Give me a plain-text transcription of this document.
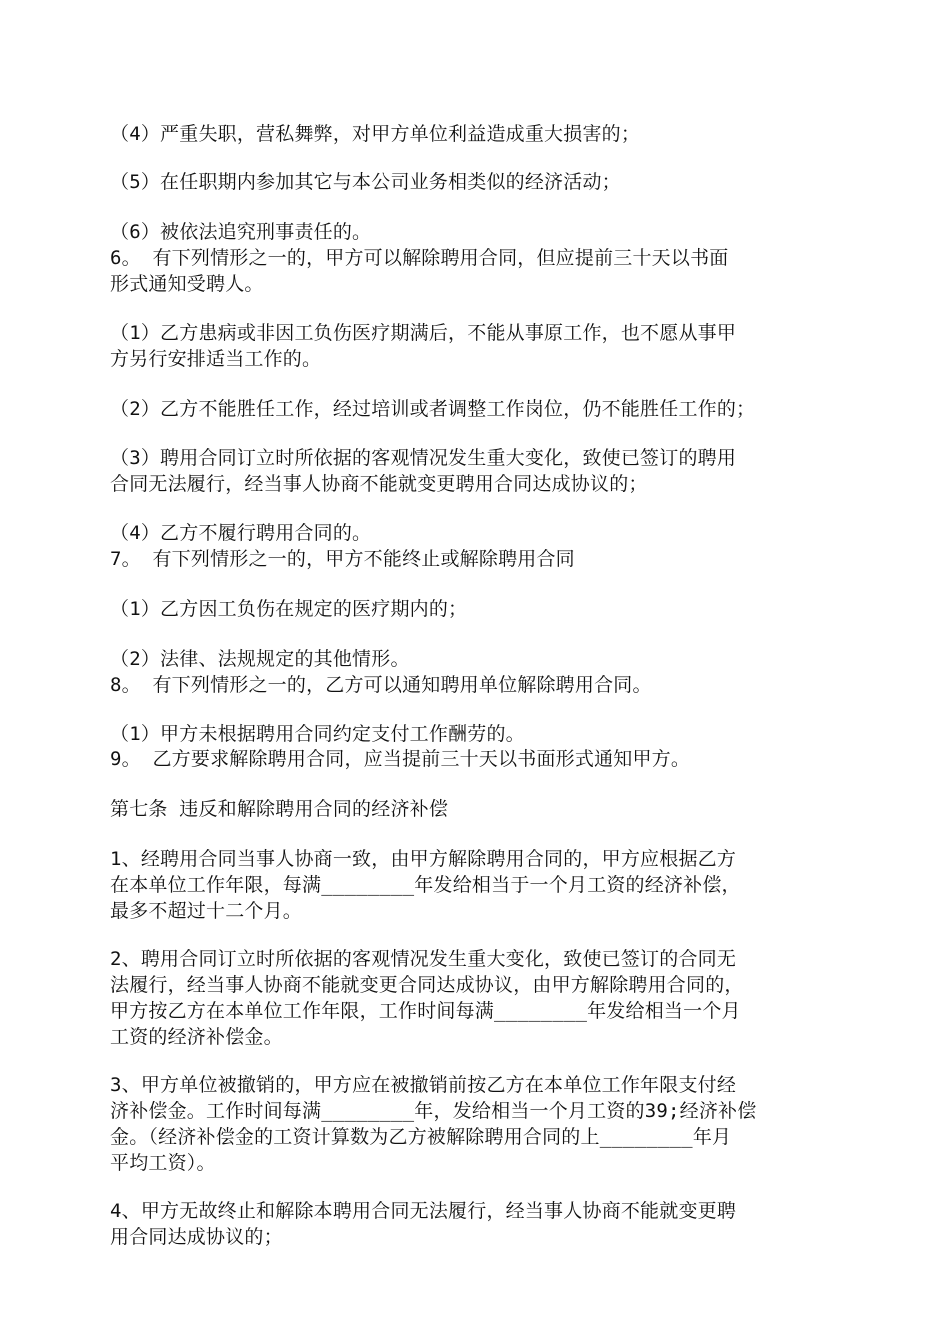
（4）严重失职，营私舞弊，对甲方单位利益造成重大损害的；
（5）在任职期内参加其它与本公司业务相类似的经济活动；
（6）被依法追究刑事责任的。
6。 有下列情形之一的，甲方可以解除聘用合同，但应提前三十天以书面
形式通知受聘人。
（1）乙方患病或非因工负伤医疗期满后，不能从事原工作，也不愿从事甲
方另行安排适当工作的。
（2）乙方不能胜任工作，经过培训或者调整工作岗位，仍不能胜任工作的；
（3）聘用合同订立时所依据的客观情况发生重大变化，致使已签订的聘用
合同无法履行，经当事人协商不能就变更聘用合同达成协议的；
（4）乙方不履行聘用合同的。
7。 有下列情形之一的，甲方不能终止或解除聘用合同
（1）乙方因工负伤在规定的医疗期内的；
（2）法律、法规规定的其他情形。
8。 有下列情形之一的，乙方可以通知聘用单位解除聘用合同。
（1）甲方未根据聘用合同约定支付工作酬劳的。
9。 乙方要求解除聘用合同，应当提前三十天以书面形式通知甲方。
第七条 违反和解除聘用合同的经济补偿
1、经聘用合同当事人协商一致，由甲方解除聘用合同的，甲方应根据乙方
在本单位工作年限，每满________年发给相当于一个月工资的经济补偿，
最多不超过十二个月。
2、聘用合同订立时所依据的客观情况发生重大变化，致使已签订的合同无
法履行，经当事人协商不能就变更合同达成协议，由甲方解除聘用合同的，
甲方按乙方在本单位工作年限，工作时间每满________年发给相当一个月
工资的经济补偿金。
3、甲方单位被撤销的，甲方应在被撤销前按乙方在本单位工作年限支付经
济补偿金。工作时间每满________年，发给相当一个月工资的39;经济补偿
金。（经济补偿金的工资计算数为乙方被解除聘用合同的上________年月
平均工资）。
4、甲方无故终止和解除本聘用合同无法履行，经当事人协商不能就变更聘
用合同达成协议的；
